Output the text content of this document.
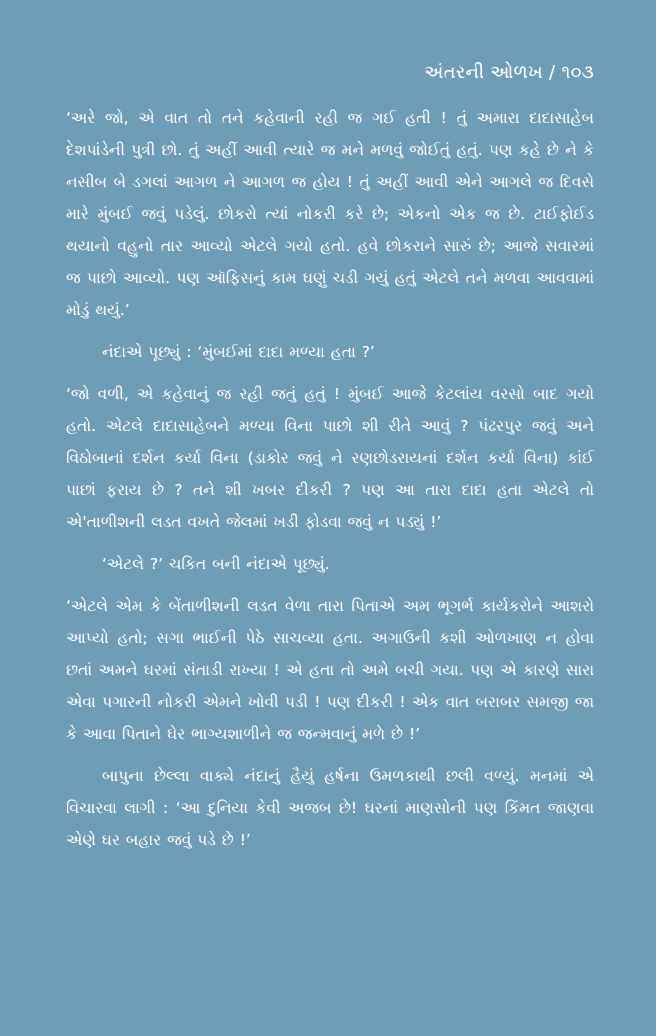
અંતરની ઓળખ / ૧૦૩

‘અરે જો, એ વાત તો તને કહેવાની રહી જ ગઈ હતી ! તું અમારા દાદાસાહેબ દેશપાંડેની પુત્રી છો. તું અહીં આવી ત્યારે જ મને મળવું જોઈતું હતું. પણ કહે છે ને કે નસીબ બે ડગલાં આગળ ને આગળ જ હોય ! તું અહીં આવી એને આગલે જ દિવસે મારે મુંબઈ જવું પડેલું. છોકરો ત્યાં નોકરી કરે છે; એકનો એક જ છે. ટાઈફોઈડ થયાનો વહુનો તાર આવ્યો એટલે ગયો હતો. હવે છોકરાને સારું છે; આજે સવારમાં જ પાછો આવ્યો. પણ ઑફિસનું કામ ઘણું ચડી ગયું હતું એટલે તને મળવા આવવામાં મોડું થયું.’

નંદાએ પૂછ્યું : ‘મુંબઈમાં દાદા મળ્યા હતા ?’

‘જો વળી, એ કહેવાનું જ રહી જતું હતું ! મુંબઈ આજે કેટલાંય વરસો બાદ ગયો હતો. એટલે દાદાસાહેબને મળ્યા વિના પાછો શી રીતે આવું ? પંઢરપુર જવું અને વિઠોબાનાં દર્શન કર્યા વિના (ડાકોર જવું ને રણછોડરાયનાં દર્શન કર્યા વિના) કાંઈ પાછાં ફરાય છે ? તને શી ખબર દીકરી ? પણ આ તારા દાદા હતા એટલે તો એ'તાળીશની લડત વખતે જેલમાં ખડી ફોડવા જવું ન પડ્યું !’

‘એટલે ?’ ચકિત બની નંદાએ પૂછ્યું.

‘એટલે એમ કે બેંતાળીશની લડત વેળા તારા પિતાએ અમ ભૂગર્ભ કાર્યકરોને આશરો આપ્યો હતો; સગા ભાઈની પેઠે સાચવ્યા હતા. અગાઉની કશી ઓળખાણ ન હોવા છતાં અમને ઘરમાં સંતાડી રાખ્યા ! એ હતા તો અમે બચી ગયા. પણ એ કારણે સારા એવા પગારની નોકરી એમને ખોવી પડી ! પણ દીકરી ! એક વાત બરાબર સમજી જા કે આવા પિતાને ઘેર ભાગ્યશાળીને જ જન્મવાનું મળે છે !’

બાપુના છેલ્લા વાક્યે નંદાનું હૈયું હર્ષના ઉમળકાથી છલી વળ્યું. મનમાં એ વિચારવા લાગી : ‘આ દુનિયા કેવી અજબ છે! ઘરનાં માણસોની પણ કિંમત જાણવા એણે ઘર બહાર જવું પડે છે !’
